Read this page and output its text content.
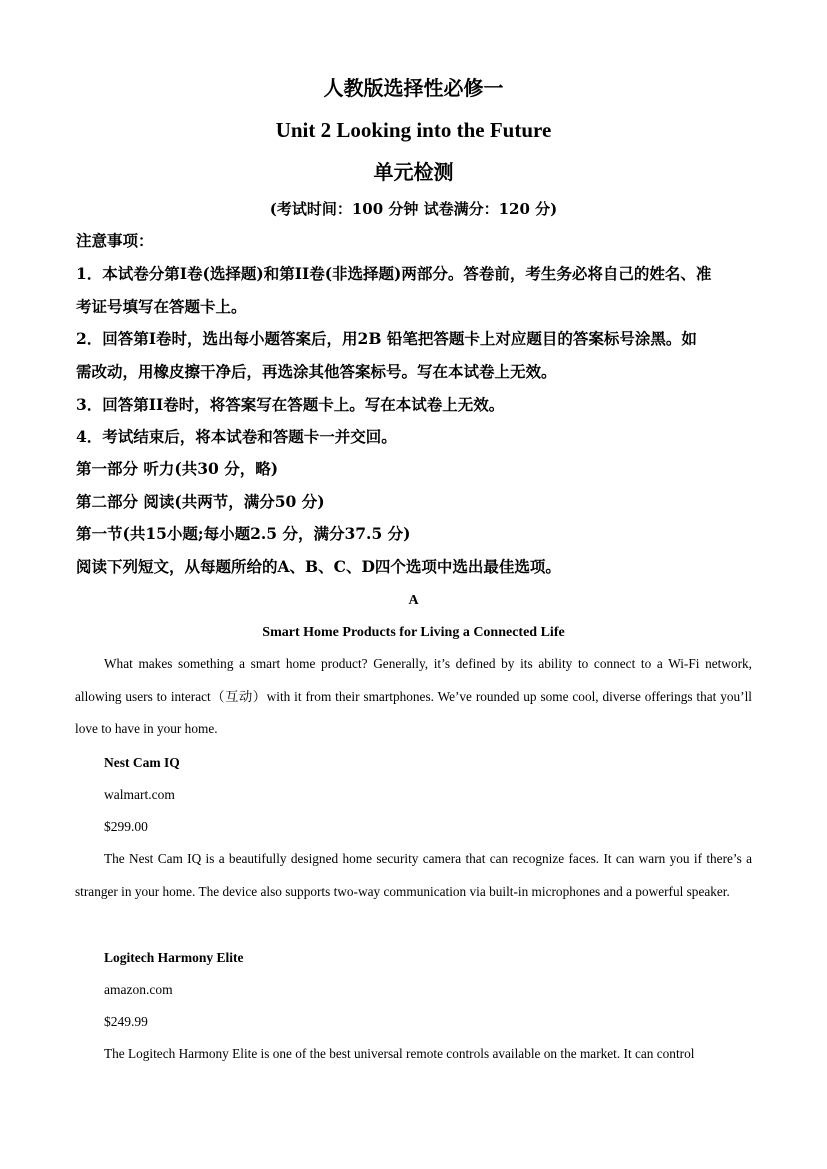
人教版选择性必修一
Unit 2 Looking into the Future
单元检测
(考试时间：100 分钟 试卷满分：120 分)
注意事项：
1．本试卷分第I卷(选择题)和第II卷(非选择题)两部分。答卷前，考生务必将自己的姓名、准
考证号填写在答题卡上。
2．回答第I卷时，选出每小题答案后，用2B 铅笔把答题卡上对应题目的答案标号涂黑。如
需改动，用橡皮擦干净后，再选涂其他答案标号。写在本试卷上无效。
3．回答第II卷时，将答案写在答题卡上。写在本试卷上无效。
4．考试结束后，将本试卷和答题卡一并交回。
第一部分 听力(共30 分，略)
第二部分 阅读(共两节，满分50 分)
第一节(共15小题;每小题2.5 分，满分37.5 分)
阅读下列短文，从每题所给的A、B、C、D四个选项中选出最佳选项。
A
Smart Home Products for Living a Connected Life
What makes something a smart home product? Generally, it’s defined by its ability to connect to a Wi-Fi network, allowing users to interact（互动）with it from their smartphones. We’ve rounded up some cool, diverse offerings that you’ll love to have in your home.
Nest Cam IQ
walmart.com
$299.00
The Nest Cam IQ is a beautifully designed home security camera that can recognize faces. It can warn you if there’s a stranger in your home. The device also supports two-way communication via built-in microphones and a powerful speaker.
Logitech Harmony Elite
amazon.com
$249.99
The Logitech Harmony Elite is one of the best universal remote controls available on the market. It can control
